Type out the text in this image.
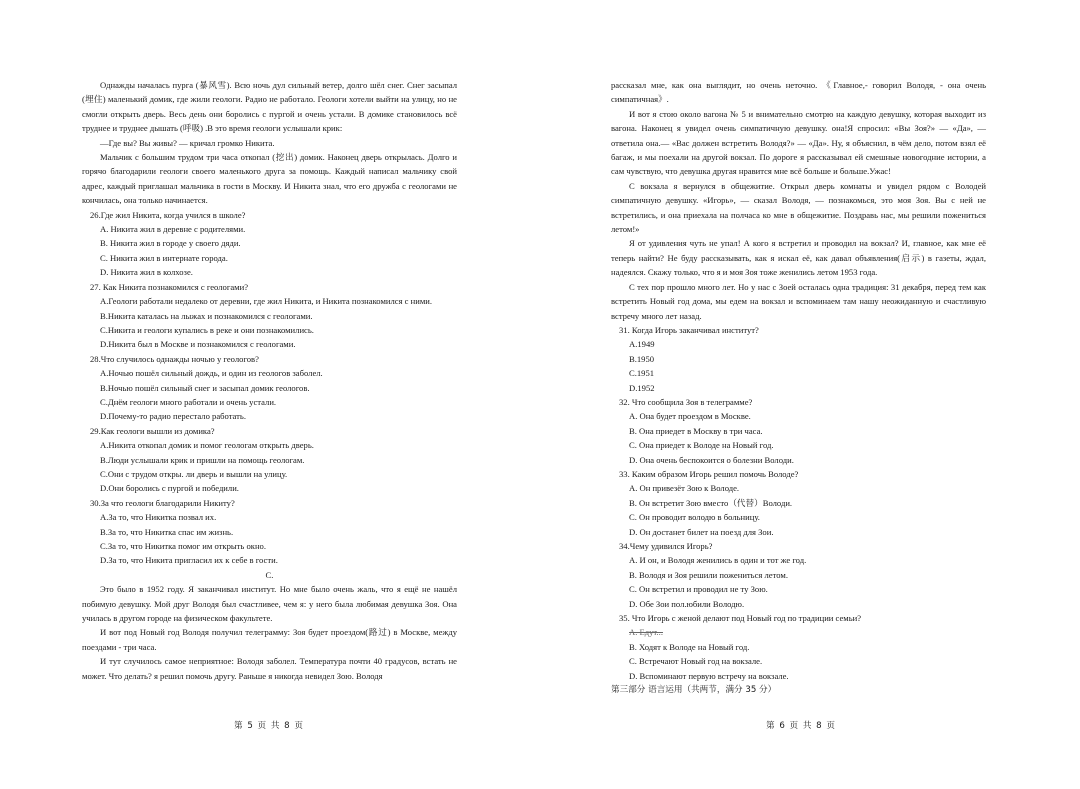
Однажды началась пурга (暴风雪). Всю ночь дул сильный ветер, долго шёл снег. Снег засыпал (埋住) маленький домик, где жили геологи. Радио не работало. Геологи хотели выйти на улицу, но не смогли открыть дверь. Весь день они боролись с пургой и очень устали. В домике становилось всё труднее и труднее дышать (呼吸) .В это время геологи услышали крик:

—Где вы? Вы живы? — кричал громко Никита.

Мальчик с большим трудом три часа откопал (挖出) домик. Наконец дверь открылась. Долго и горячо благодарили геологи своего маленького друга за помощь. Каждый написал мальчику свой адрес, каждый приглашал мальчика в гости в Москву. И Никита знал, что его дружба с геологами не кончилась, она только начинается.

26.Где жил Никита, когда учился в школе?

A. Никита жил в деревне с родителями.

B. Никита жил в городе у своего дяди.

C. Никита жил в интернате города.

D. Никита жил в колхозе.

27. Как Никита познакомился с геологами?

A.Геологи работали недалеко от деревни, где жил Никита, и Никита познакомился с ними.

B.Никита каталась на лыжах и познакомился с геологами.

C.Никита и геологи купались в реке и они познакомились.

D.Никита был в Москве и познакомился с геологами.

28.Что случилось однажды ночью у геологов?

A.Ночью пошёл сильный дождь, и один из геологов заболел.

B.Ночью пошёл сильный снег и засыпал домик геологов.

C.Днём геологи много работали и очень устали.

D.Почему-то радио перестало работать.

29.Как геологи вышли из домика?

A.Никита откопал домик и помог геологам открыть дверь.

B.Люди услышали крик и пришли на помощь геологам.

C.Они с трудом откры. ли дверь и вышли на улицу.

D.Они боролись с пургой и победили.

30.За что геологи благодарили Никиту?

A.За то, что Никитка позвал их.

B.За то, что Никитка спас им жизнь.

C.За то, что Никитка помог им открыть окно.

D.За то, что Никита пригласил их к себе в гости.

C.

Это было в 1952 году. Я заканчивал институт. Но мне было очень жаль, что я ещё не нашёл побимую девушку. Мой друг Володя был счастливее, чем я: у него была любимая девушка Зоя. Она училась в другом городе на физическом факультете.

И вот под Новый год Володя получил телеграмму: Зоя будет проездом(路过) в Москве, между поездами - три часа.

И тут случилось самое неприятное: Володя заболел. Температура почти 40 градусов, встать не может. Что делать? я решил помочь другу. Раньше я никогда невидел Зою. Володя

第 5 页 共 8 页

рассказал мне, как она выглядит, но очень неточно. 《Главное,- говорил Володя, - она очень симпатичная》.

И вот я стою около вагона № 5 и внимательно смотрю на каждую девушку, которая выходит из вагона. Наконец я увидел очень симпатичную девушку. она!Я спросил: «Вы Зоя?» — «Да», — ответила она.— «Вас должен встретить Володя?» — «Да». Ну, я объяснил, в чём дело, потом взял её багаж, и мы поехали на другой вокзал. По дороге я рассказывал ей смешные новогодние истории, а сам чувствую, что девушка другая нравится мне всё больше и больше.Ужас!

С вокзала я вернулся в общежитие. Открыл дверь комнаты и увидел рядом с Володей симпатичную девушку. «Игорь», — сказал Володя, — познакомься, это моя Зоя. Вы с ней не встретились, и она приехала на полчаса ко мне в общежитие. Поздравь нас, мы решили пожениться летом!»

Я от удивления чуть не упал! А кого я встретил и проводил на вокзал? И, главное, как мне её теперь найти? Не буду рассказывать, как я искал её, как давал объявления(启示) в газеты, ждал, надеялся. Скажу только, что я и моя Зоя тоже женились летом 1953 года.

С тех пор прошло много лет. Но у нас с Зоей осталась одна традиция: 31 декабря, перед тем как встретить Новый год дома, мы едем на вокзал и вспоминаем там нашу неожиданную и счастливую встречу много лет назад.

31. Когда Игорь заканчивал институт?

A.1949

B.1950

C.1951

D.1952

32. Что сообщила Зоя в телеграмме?

A. Она будет проездом в Москве.

B. Она приедет в Москву в три часа.

C. Она приедет к Володе на Новый год.

D. Она очень беспокоится о болезни Володи.

33. Каким образом Игорь решил помочь Володе?

A. Он привезёт Зою к Володе.

B. Он встретит Зою вместо（代替）Володи.

C. Он проводит володю в больницу.

D. Он достанет билет на поезд для Зои.

34.Чему удивился Игорь?

A. И он, и Володя женились в один и тот же год.

B. Володя и Зоя решили пожениться летом.

C. Он встретил и проводил не ту Зою.

D. Обе Зои пол.юбили Володю.

35. Что Игорь с женой делают под Новый год по традиции семьи?

A. Едут...

B. Ходят к Володе на Новый год.

C. Встречают Новый год на вокзале.

D. Вспоминают первую встречу на вокзале.

第三部分 语言运用（共两节，满分 35 分）

第 6 页 共 8 页
